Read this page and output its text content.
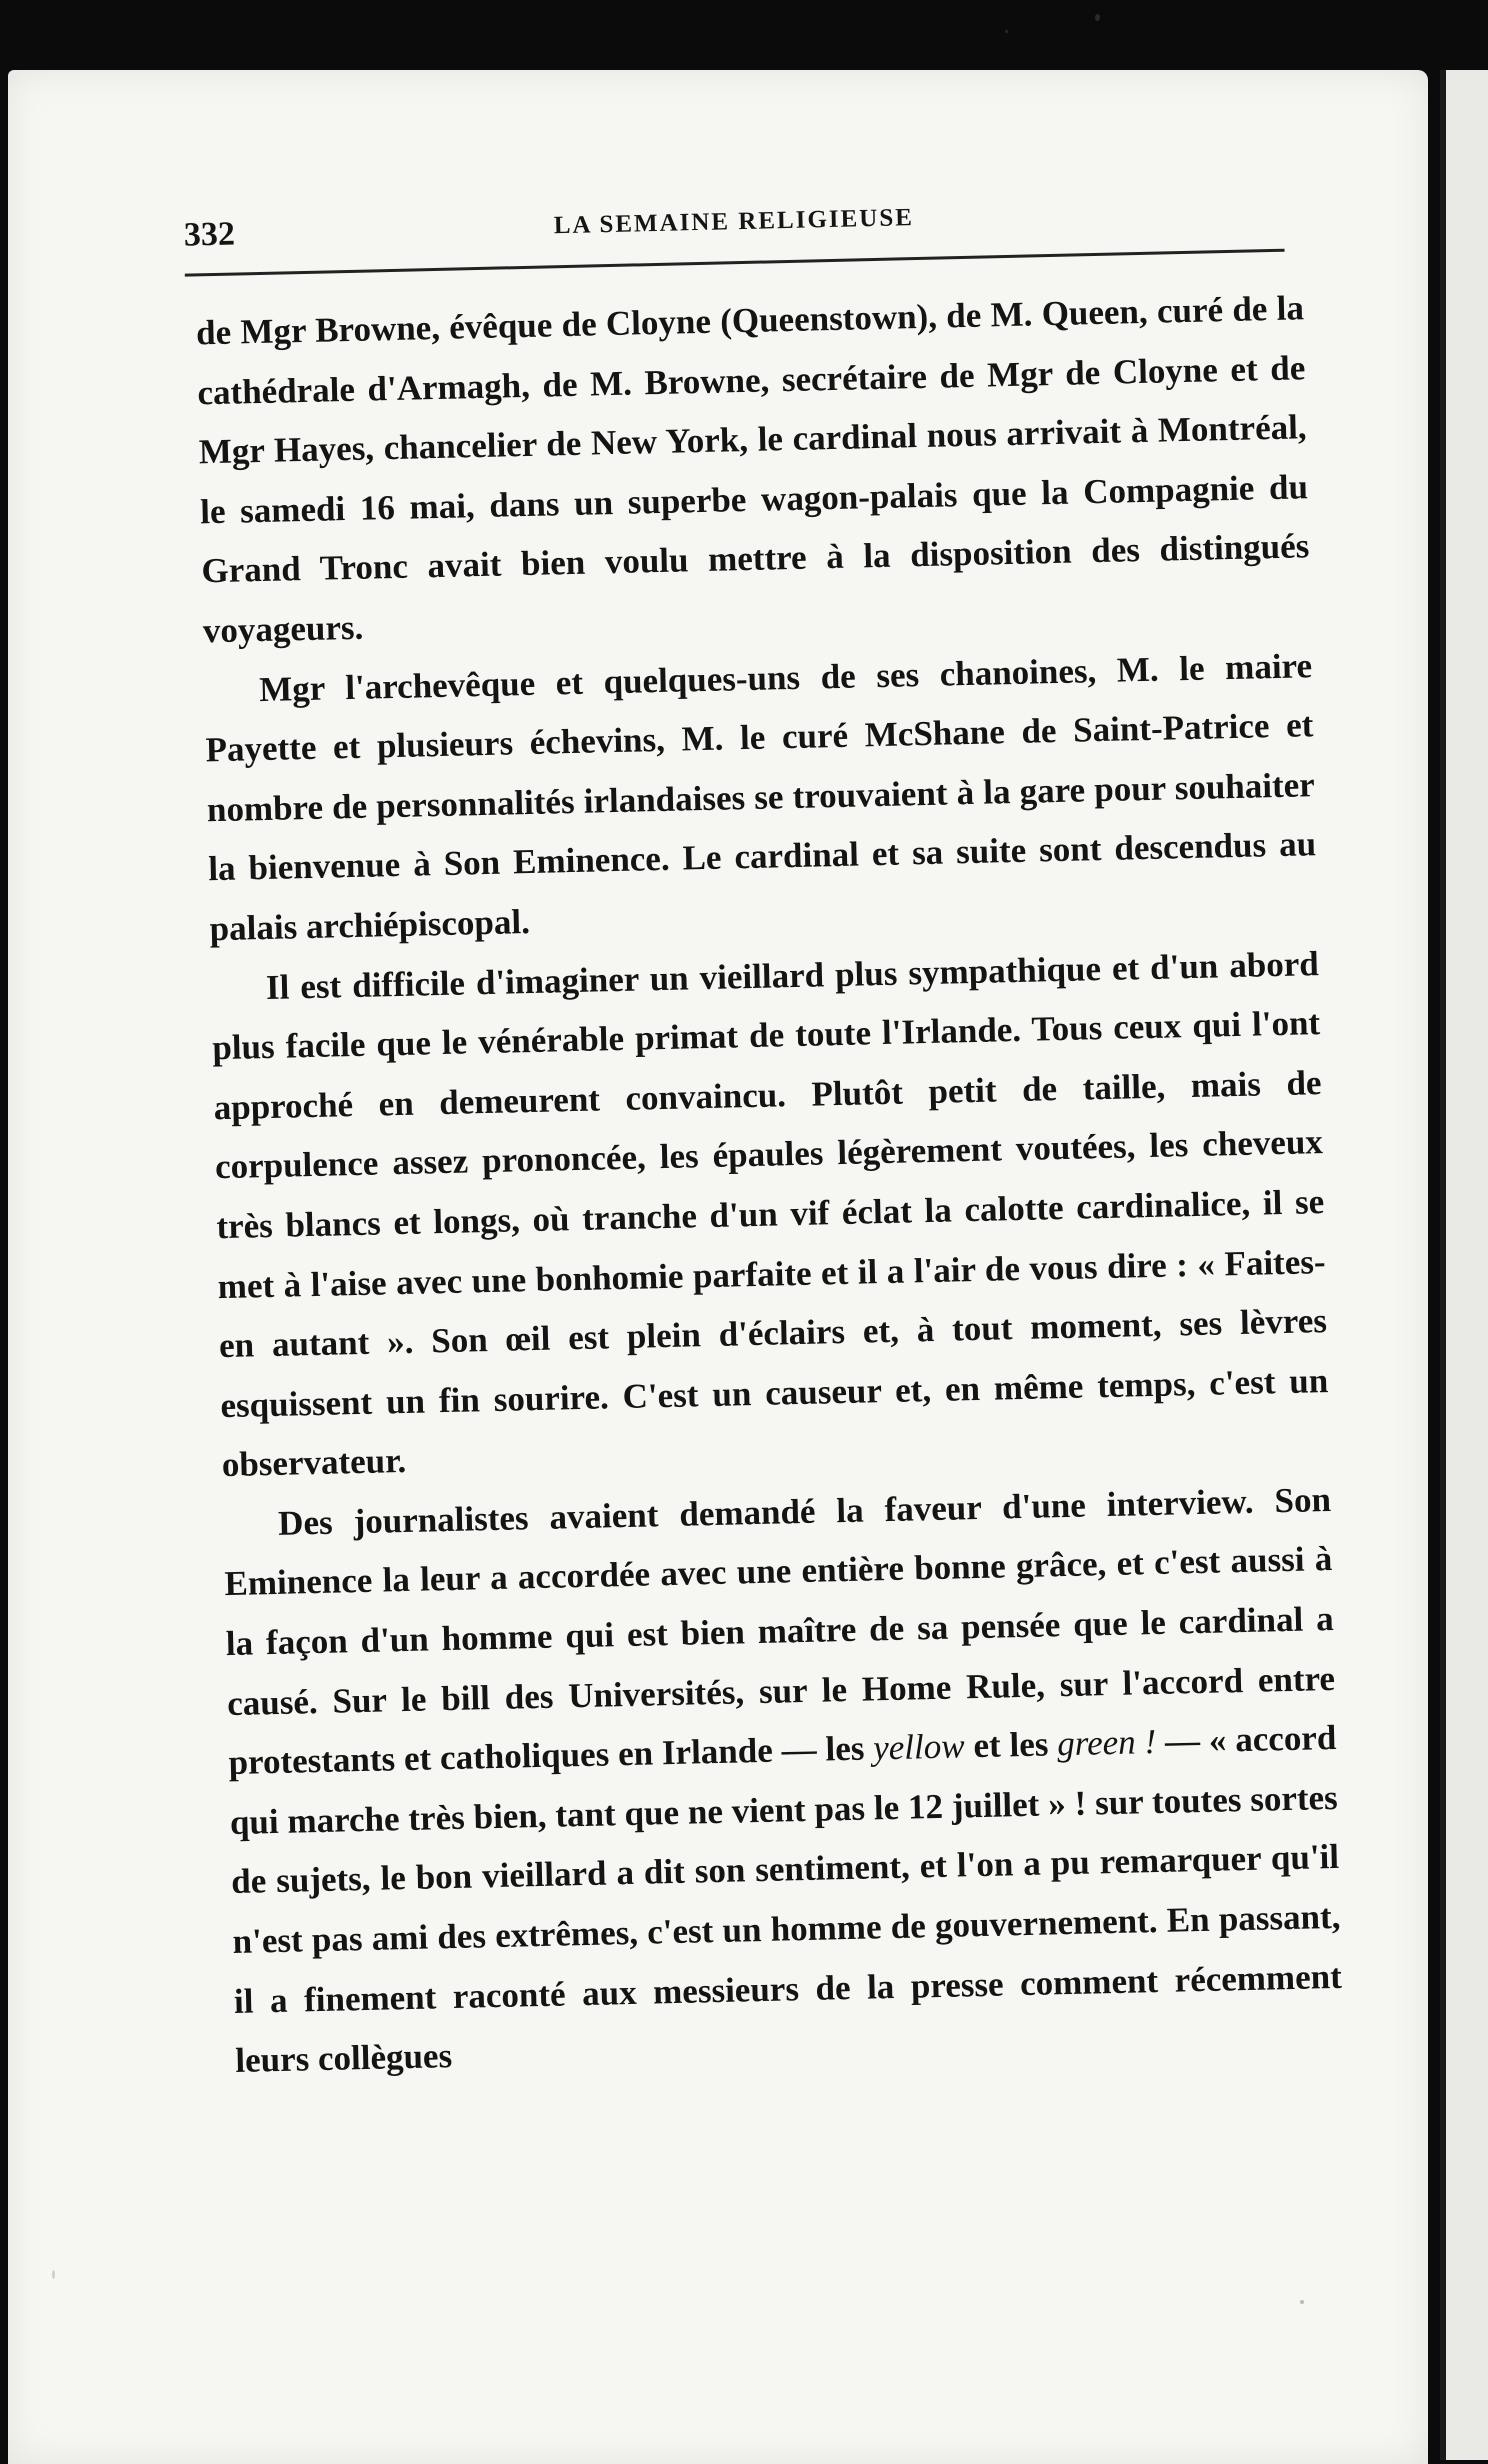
332	LA SEMAINE RELIGIEUSE

de Mgr Browne, évêque de Cloyne (Queenstown), de M. Queen, curé de la cathédrale d'Armagh, de M. Browne, secrétaire de Mgr de Cloyne et de Mgr Hayes, chancelier de New York, le cardinal nous arrivait à Montréal, le samedi 16 mai, dans un superbe wagon-palais que la Compagnie du Grand Tronc avait bien voulu mettre à la disposition des distingués voyageurs.

Mgr l'archevêque et quelques-uns de ses chanoines, M. le maire Payette et plusieurs échevins, M. le curé McShane de Saint-Patrice et nombre de personnalités irlandaises se trouvaient à la gare pour souhaiter la bienvenue à Son Eminence. Le cardinal et sa suite sont descendus au palais archiépiscopal.

Il est difficile d'imaginer un vieillard plus sympathique et d'un abord plus facile que le vénérable primat de toute l'Irlande. Tous ceux qui l'ont approché en demeurent convaincu. Plutôt petit de taille, mais de corpulence assez prononcée, les épaules légèrement voutées, les cheveux très blancs et longs, où tranche d'un vif éclat la calotte cardinalice, il se met à l'aise avec une bonhomie parfaite et il a l'air de vous dire : « Faites-en autant ». Son œil est plein d'éclairs et, à tout moment, ses lèvres esquissent un fin sourire. C'est un causeur et, en même temps, c'est un observateur.

Des journalistes avaient demandé la faveur d'une interview. Son Eminence la leur a accordée avec une entière bonne grâce, et c'est aussi à la façon d'un homme qui est bien maître de sa pensée que le cardinal a causé. Sur le bill des Universités, sur le Home Rule, sur l'accord entre protestants et catholiques en Irlande — les yellow et les green ! — « accord qui marche très bien, tant que ne vient pas le 12 juillet » ! sur toutes sortes de sujets, le bon vieillard a dit son sentiment, et l'on a pu remarquer qu'il n'est pas ami des extrêmes, c'est un homme de gouvernement. En passant, il a finement raconté aux messieurs de la presse comment récemment leurs collègues
